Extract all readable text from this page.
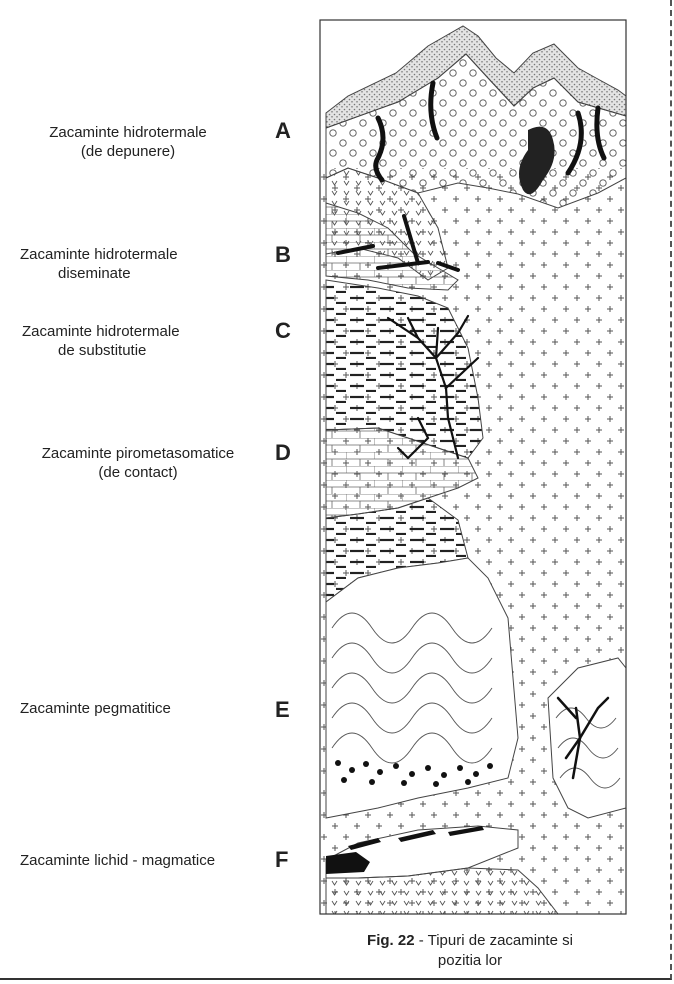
Zacaminte hidrotermale
(de depunere)
A
Zacaminte hidrotermale
diseminate
B
Zacaminte hidrotermale
de substitutie
C
Zacaminte pirometasomatice
(de contact)
D
Zacaminte pegmatitice	E
Zacaminte lichid - magmatice	F
Fig. 22 - Tipuri de zacaminte si
pozitia lor
